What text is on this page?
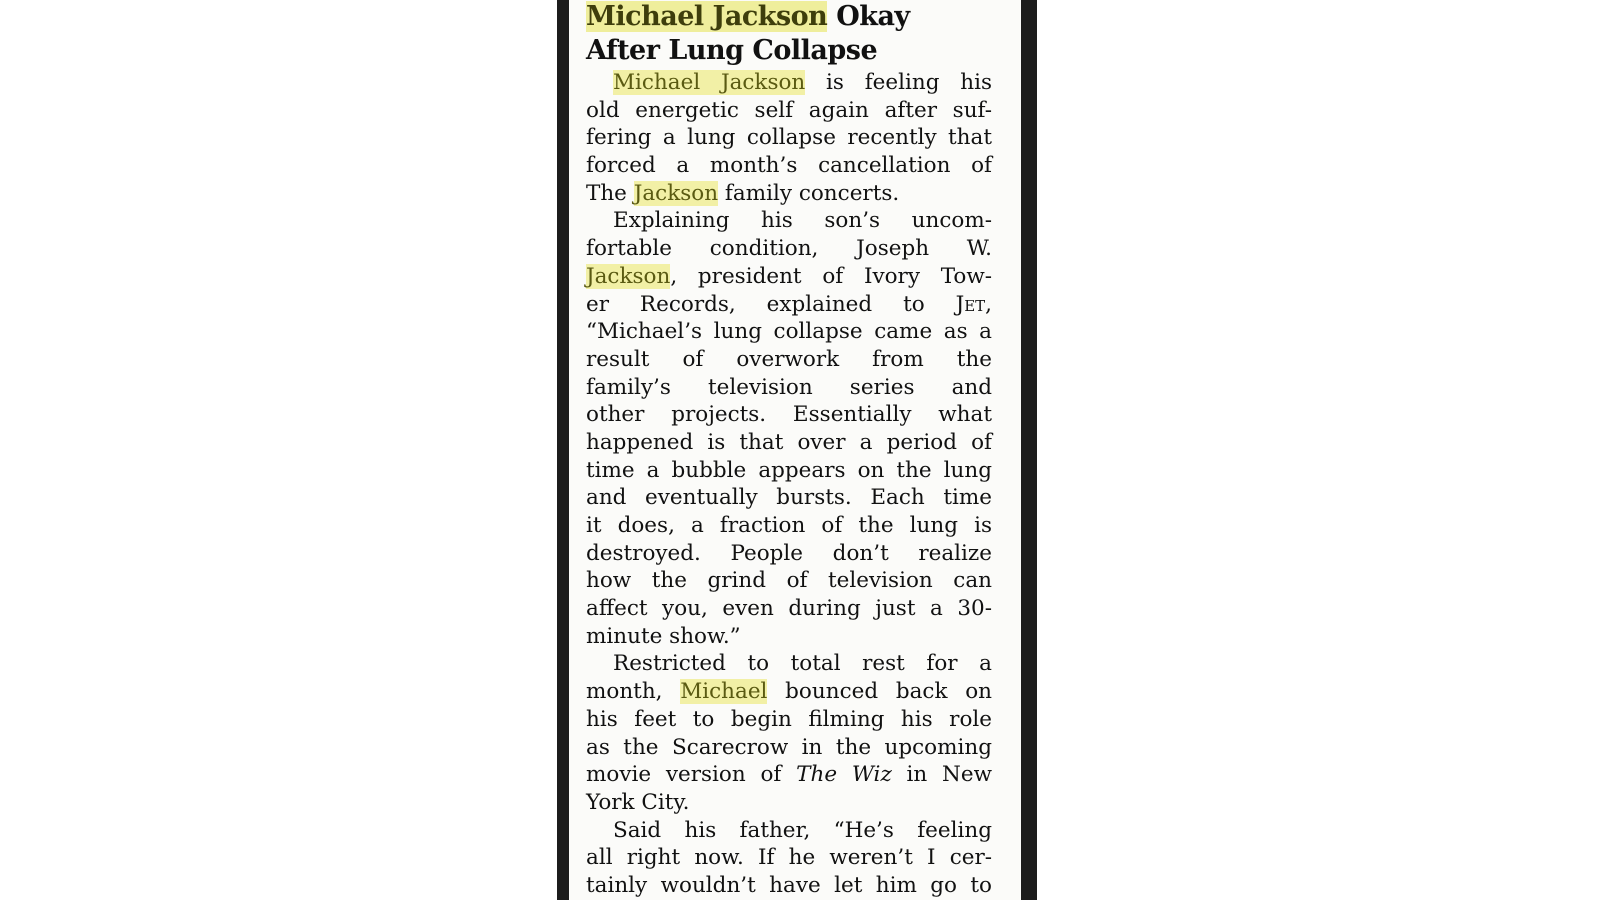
Michael Jackson Okay
After Lung Collapse
Michael Jackson is feeling his
old energetic self again after suf-
fering a lung collapse recently that
forced a month’s cancellation of
The Jackson family concerts.
Explaining his son’s uncom-
fortable condition, Joseph W.
Jackson, president of Ivory Tow-
er Records, explained to Jet,
“Michael’s lung collapse came as a
result of overwork from the
family’s television series and
other projects. Essentially what
happened is that over a period of
time a bubble appears on the lung
and eventually bursts. Each time
it does, a fraction of the lung is
destroyed. People don’t realize
how the grind of television can
affect you, even during just a 30-
minute show.”
Restricted to total rest for a
month, Michael bounced back on
his feet to begin filming his role
as the Scarecrow in the upcoming
movie version of The Wiz in New
York City.
Said his father, “He’s feeling
all right now. If he weren’t I cer-
tainly wouldn’t have let him go to
